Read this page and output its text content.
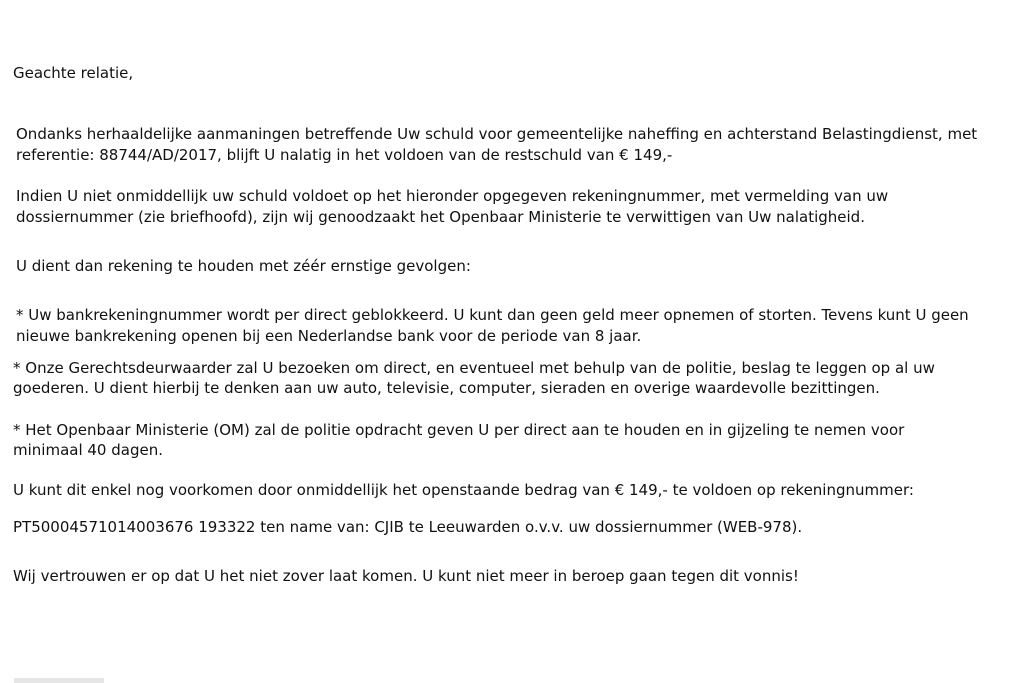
Geachte relatie,

Ondanks herhaaldelijke aanmaningen betreffende Uw schuld voor gemeentelijke naheffing en achterstand Belastingdienst, met

referentie: 88744/AD/2017, blijft U nalatig in het voldoen van de restschuld van € 149,-

Indien U niet onmiddellijk uw schuld voldoet op het hieronder opgegeven rekeningnummer, met vermelding van uw

dossiernummer (zie briefhoofd), zijn wij genoodzaakt het Openbaar Ministerie te verwittigen van Uw nalatigheid.

U dient dan rekening te houden met zéér ernstige gevolgen:

* Uw bankrekeningnummer wordt per direct geblokkeerd. U kunt dan geen geld meer opnemen of storten. Tevens kunt U geen

nieuwe bankrekening openen bij een Nederlandse bank voor de periode van 8 jaar.

* Onze Gerechtsdeurwaarder zal U bezoeken om direct, en eventueel met behulp van de politie, beslag te leggen op al uw

goederen. U dient hierbij te denken aan uw auto, televisie, computer, sieraden en overige waardevolle bezittingen.

* Het Openbaar Ministerie (OM) zal de politie opdracht geven U per direct aan te houden en in gijzeling te nemen voor

minimaal 40 dagen.

U kunt dit enkel nog voorkomen door onmiddellijk het openstaande bedrag van € 149,- te voldoen op rekeningnummer:

PT50004571014003676 193322 ten name van: CJIB te Leeuwarden o.v.v. uw dossiernummer (WEB-978).

Wij vertrouwen er op dat U het niet zover laat komen. U kunt niet meer in beroep gaan tegen dit vonnis!
